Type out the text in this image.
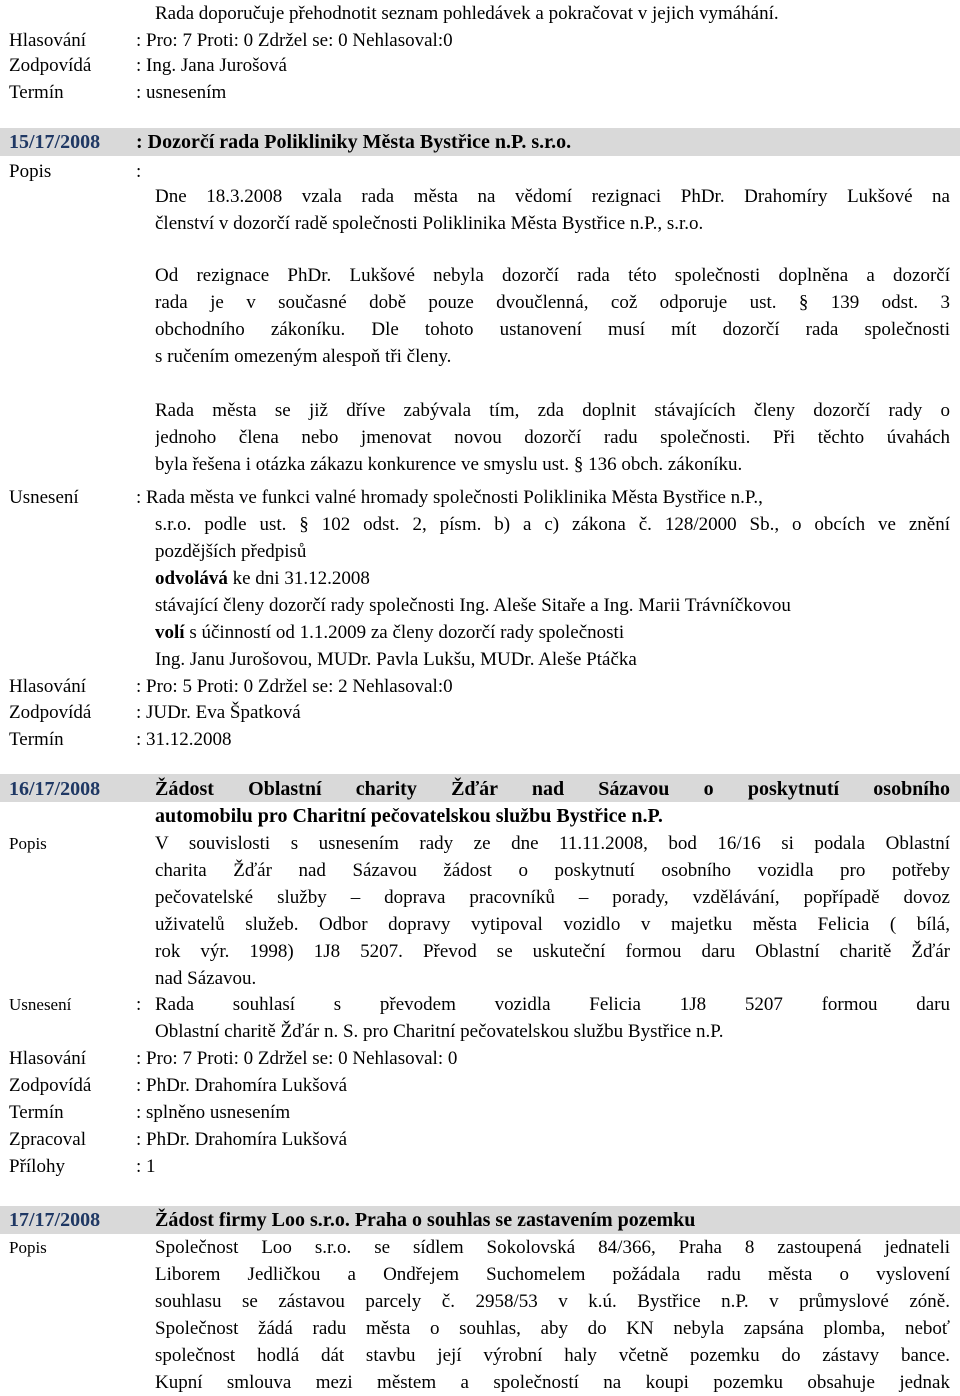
Rada doporučuje přehodnotit seznam pohledávek a pokračovat v jejich vymáhání.
Hlasování	: Pro: 7 Proti: 0 Zdržel se: 0 Nehlasoval:0
Zodpovídá : Ing. Jana Jurošová
Termín	: usnesením
15/17/2008 : Dozorčí rada Polikliniky Města Bystřice n.P. s.r.o.
Popis	:
Dne 18.3.2008 vzala rada města na vědomí rezignaci PhDr. Drahomíry Lukšové na
členství v dozorčí radě společnosti Poliklinika Města Bystřice n.P., s.r.o.
Od rezignace PhDr. Lukšové nebyla dozorčí rada této společnosti doplněna a dozorčí
rada je v současné době pouze dvoučlenná, což odporuje ust. § 139 odst. 3
obchodního zákoníku. Dle tohoto ustanovení musí mít dozorčí rada společnosti
s ručením omezeným alespoň tři členy.
Rada města se již dříve zabývala tím, zda doplnit stávajících členy dozorčí rady o
jednoho člena nebo jmenovat novou dozorčí radu společnosti. Při těchto úvahách
byla řešena i otázka zákazu konkurence ve smyslu ust. § 136 obch. zákoníku.
Usnesení	: Rada města ve funkci valné hromady společnosti Poliklinika Města Bystřice n.P.,
s.r.o. podle ust. § 102 odst. 2, písm. b) a c) zákona č. 128/2000 Sb., o obcích ve znění
pozdějších předpisů
odvolává ke dni 31.12.2008
stávající členy dozorčí rady společnosti Ing. Aleše Sitaře a Ing. Marii Trávníčkovou
volí s účinností od 1.1.2009 za členy dozorčí rady společnosti
Ing. Janu Jurošovou, MUDr. Pavla Lukšu, MUDr. Aleše Ptáčka
Hlasování	: Pro: 5 Proti: 0 Zdržel se: 2 Nehlasoval:0
Zodpovídá : JUDr. Eva Špatková
Termín	: 31.12.2008
16/17/2008	Žádost Oblastní charity Žďár nad Sázavou o poskytnutí osobního
automobilu pro Charitní pečovatelskou službu Bystřice n.P.
Popis	V souvislosti s usnesením rady ze dne 11.11.2008, bod 16/16 si podala Oblastní
charita Žďár nad Sázavou žádost o poskytnutí osobního vozidla pro potřeby
pečovatelské služby – doprava pracovníků – porady, vzdělávání, popřípadě dovoz
uživatelů služeb. Odbor dopravy vytipoval vozidlo v majetku města Felicia ( bílá,
rok výr. 1998) 1J8 5207. Převod se uskuteční formou daru Oblastní charitě Žďár
nad Sázavou.
Usnesení	: Rada souhlasí s převodem vozidla Felicia 1J8 5207 formou daru
Oblastní charitě Žďár n. S. pro Charitní pečovatelskou službu Bystřice n.P.
Hlasování	: Pro: 7 Proti: 0 Zdržel se: 0 Nehlasoval: 0
Zodpovídá : PhDr. Drahomíra Lukšová
Termín	: splněno usnesením
Zpracoval	: PhDr. Drahomíra Lukšová
Přílohy	: 1
17/17/2008	Žádost firmy Loo s.r.o. Praha o souhlas se zastavením pozemku
Popis	Společnost Loo s.r.o. se sídlem Sokolovská 84/366, Praha 8 zastoupená jednateli
Liborem Jedličkou a Ondřejem Suchomelem požádala radu města o vyslovení
souhlasu se zástavou parcely č. 2958/53 v k.ú. Bystřice n.P. v průmyslové zóně.
Společnost žádá radu města o souhlas, aby do KN nebyla zapsána plomba, neboť
společnost hodlá dát stavbu její výrobní haly včetně pozemku do zástavy bance.
Kupní smlouva mezi městem a společností na koupi pozemku obsahuje jednak
